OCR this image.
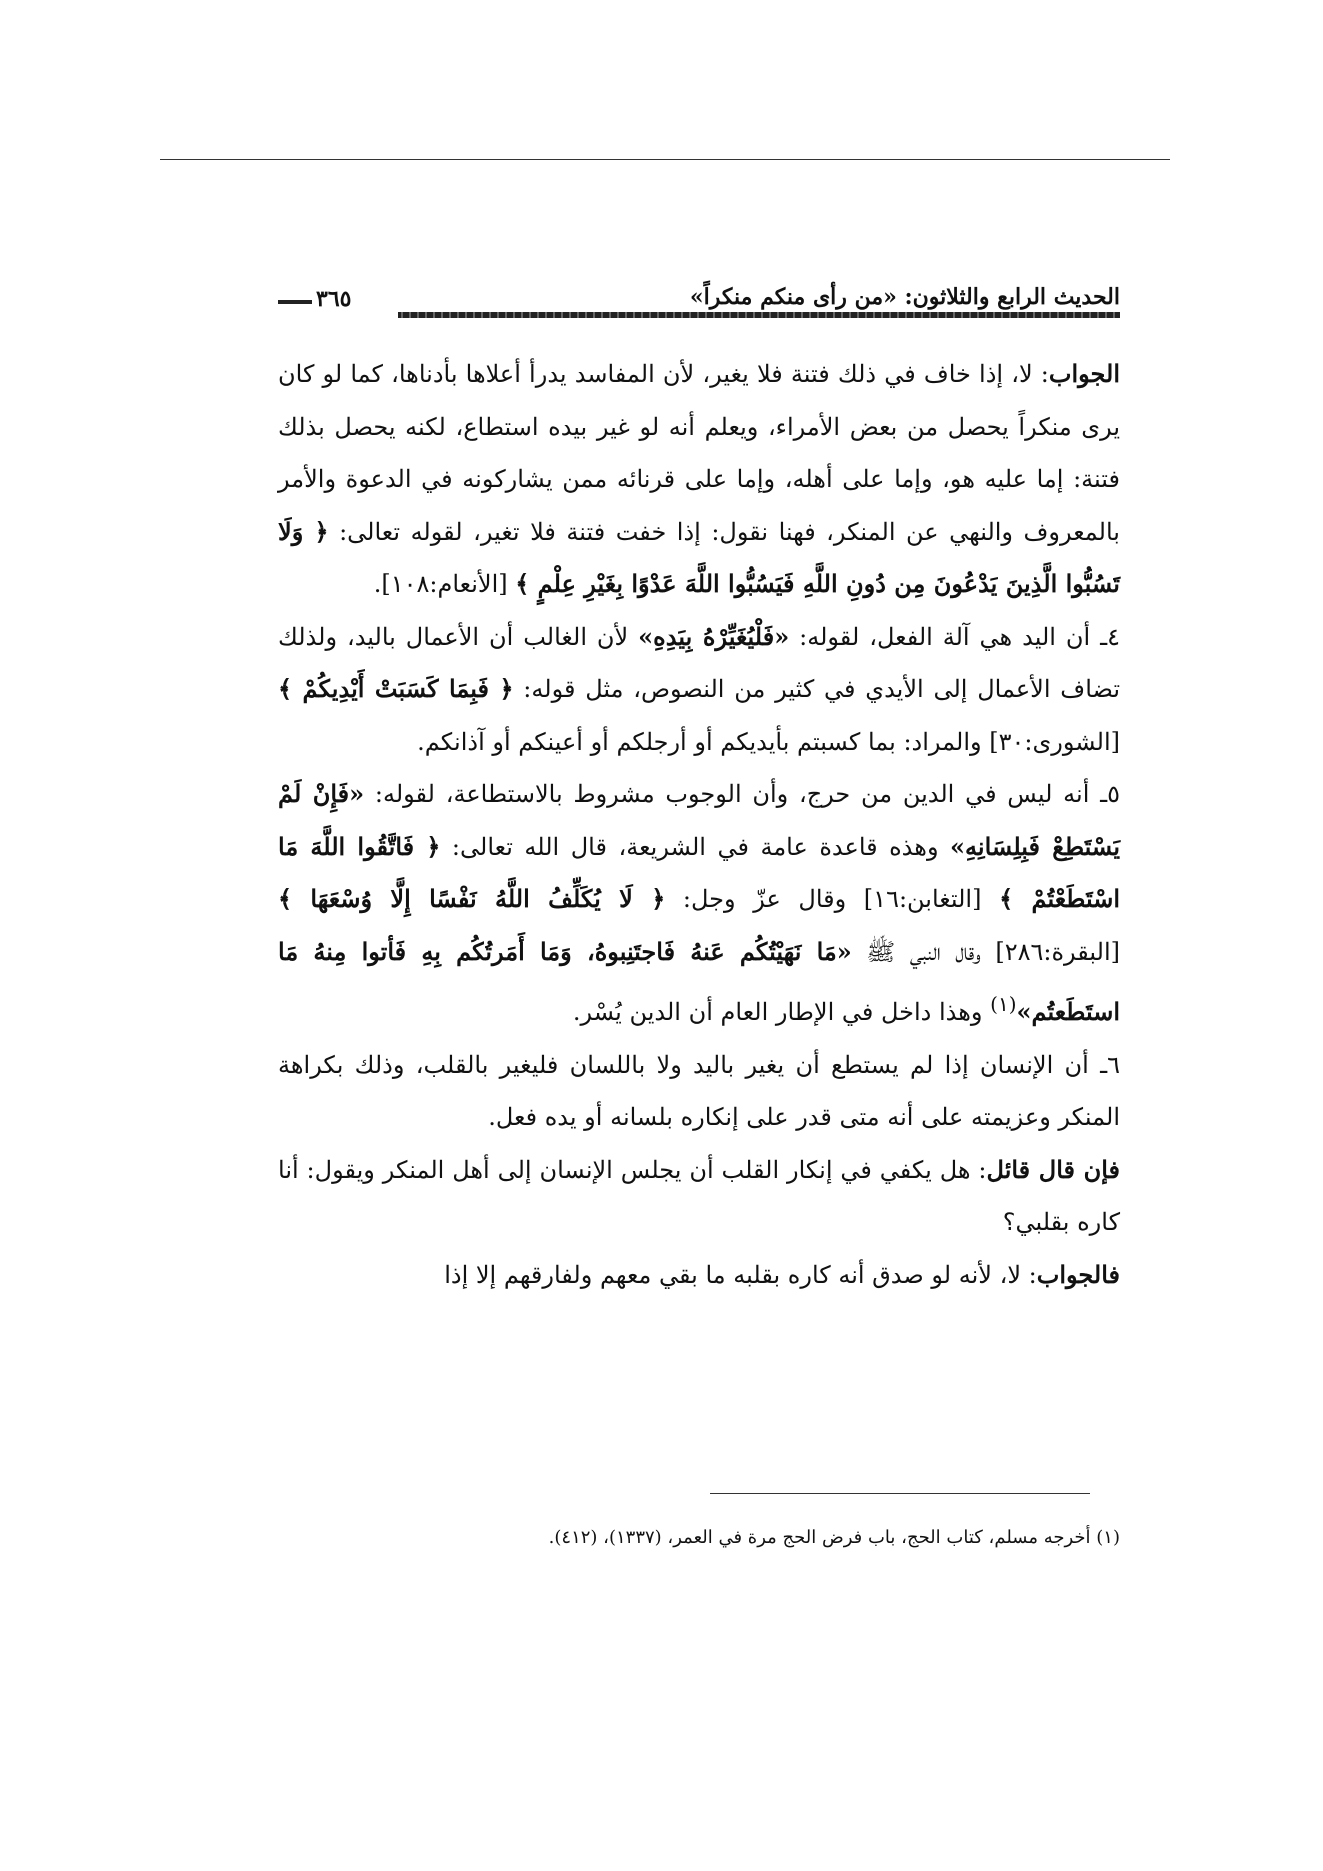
الحديث الرابع والثلاثون: «من رأى منكم منكراً»
٣٦٥

الجواب: لا، إذا خاف في ذلك فتنة فلا يغير، لأن المفاسد يدرأ أعلاها بأدناها، كما لو كان يرى منكراً يحصل من بعض الأمراء، ويعلم أنه لو غير بيده استطاع، لكنه يحصل بذلك فتنة: إما عليه هو، وإما على أهله، وإما على قرنائه ممن يشاركونه في الدعوة والأمر بالمعروف والنهي عن المنكر، فهنا نقول: إذا خفت فتنة فلا تغير، لقوله تعالى: ﴿ وَلَا تَسُبُّوا الَّذِينَ يَدْعُونَ مِن دُونِ اللَّهِ فَيَسُبُّوا اللَّهَ عَدْوًا بِغَيْرِ عِلْمٍ ﴾ [الأنعام:١٠٨].

٤ـ أن اليد هي آلة الفعل، لقوله: «فَلْيُغَيِّرْهُ بِيَدِهِ» لأن الغالب أن الأعمال باليد، ولذلك تضاف الأعمال إلى الأيدي في كثير من النصوص، مثل قوله: ﴿ فَبِمَا كَسَبَتْ أَيْدِيكُمْ ﴾ [الشورى:٣٠] والمراد: بما كسبتم بأيديكم أو أرجلكم أو أعينكم أو آذانكم.

٥ـ أنه ليس في الدين من حرج، وأن الوجوب مشروط بالاستطاعة، لقوله: «فَإِنْ لَمْ يَسْتَطِعْ فَبِلِسَانِهِ» وهذه قاعدة عامة في الشريعة، قال الله تعالى: ﴿ فَاتَّقُوا اللَّهَ مَا اسْتَطَعْتُمْ ﴾ [التغابن:١٦] وقال عزّ وجل: ﴿ لَا يُكَلِّفُ اللَّهُ نَفْسًا إِلَّا وُسْعَهَا ﴾ [البقرة:٢٨٦] وقال النبي ﷺ «مَا نَهَيْتُكُم عَنهُ فَاجتَنِبوهُ، وَمَا أَمَرتُكُم بِهِ فَأتوا مِنهُ مَا استَطَعتُم»$^{(١)}$ وهذا داخل في الإطار العام أن الدين يُسْر.

٦ـ أن الإنسان إذا لم يستطع أن يغير باليد ولا باللسان فليغير بالقلب، وذلك بكراهة المنكر وعزيمته على أنه متى قدر على إنكاره بلسانه أو يده فعل.

فإن قال قائل: هل يكفي في إنكار القلب أن يجلس الإنسان إلى أهل المنكر ويقول: أنا كاره بقلبي؟

فالجواب: لا، لأنه لو صدق أنه كاره بقلبه ما بقي معهم ولفارقهم إلا إذا

(١) أخرجه مسلم، كتاب الحج، باب فرض الحج مرة في العمر، (١٣٣٧)، (٤١٢).
